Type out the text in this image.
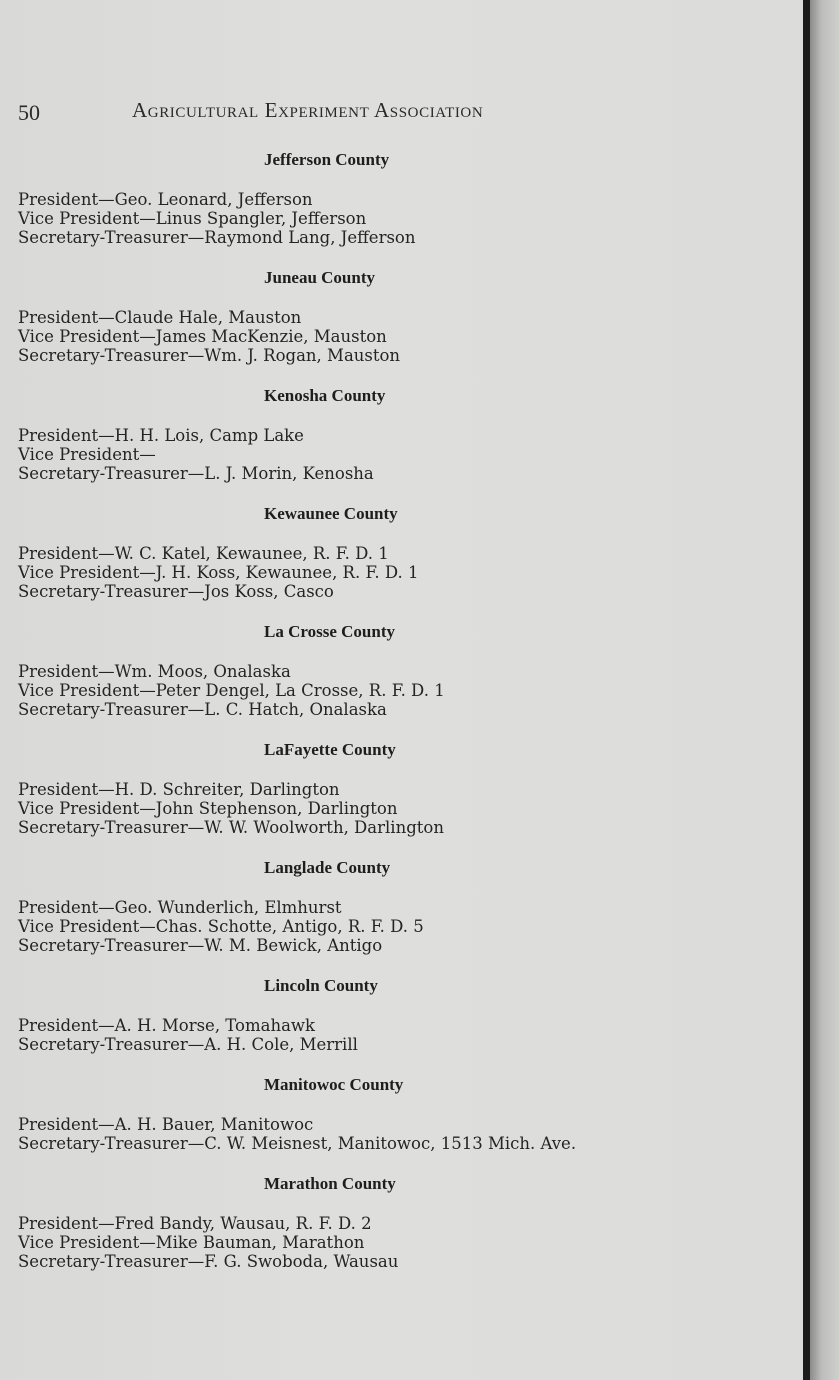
50	Agricultural Experiment Association
Jefferson County
President—Geo. Leonard, Jefferson
Vice President—Linus Spangler, Jefferson
Secretary-Treasurer—Raymond Lang, Jefferson
Juneau County
President—Claude Hale, Mauston
Vice President—James MacKenzie, Mauston
Secretary-Treasurer—Wm. J. Rogan, Mauston
Kenosha County
President—H. H. Lois, Camp Lake
Vice President—
Secretary-Treasurer—L. J. Morin, Kenosha
Kewaunee County
President—W. C. Katel, Kewaunee, R. F. D. 1
Vice President—J. H. Koss, Kewaunee, R. F. D. 1
Secretary-Treasurer—Jos Koss, Casco
La Crosse County
President—Wm. Moos, Onalaska
Vice President—Peter Dengel, La Crosse, R. F. D. 1
Secretary-Treasurer—L. C. Hatch, Onalaska
LaFayette County
President—H. D. Schreiter, Darlington
Vice President—John Stephenson, Darlington
Secretary-Treasurer—W. W. Woolworth, Darlington
Langlade County
President—Geo. Wunderlich, Elmhurst
Vice President—Chas. Schotte, Antigo, R. F. D. 5
Secretary-Treasurer—W. M. Bewick, Antigo
Lincoln County
President—A. H. Morse, Tomahawk
Secretary-Treasurer—A. H. Cole, Merrill
Manitowoc County
President—A. H. Bauer, Manitowoc
Secretary-Treasurer—C. W. Meisnest, Manitowoc, 1513 Mich. Ave.
Marathon County
President—Fred Bandy, Wausau, R. F. D. 2
Vice President—Mike Bauman, Marathon
Secretary-Treasurer—F. G. Swoboda, Wausau
